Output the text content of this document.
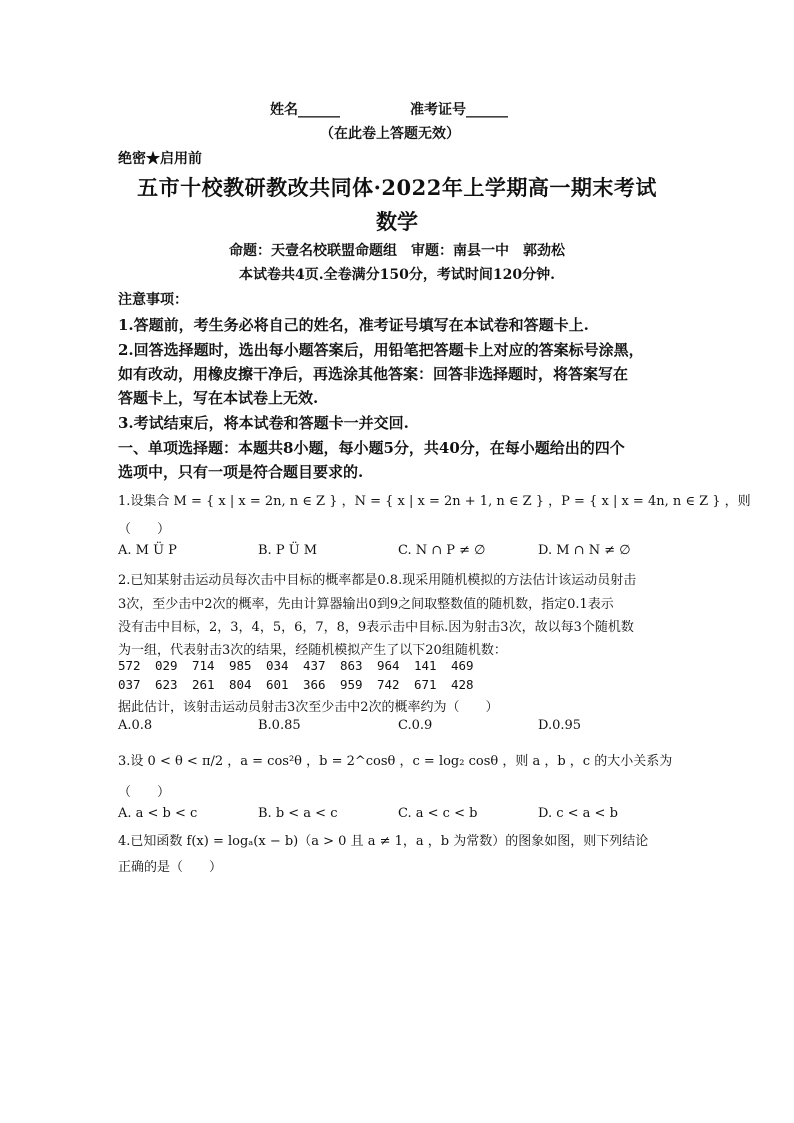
姓名______	准考证号______
（在此卷上答题无效）
绝密★启用前
五市十校教研教改共同体·2022年上学期高一期末考试
数学
命题：天壹名校联盟命题组　审题：南县一中　郭劲松
本试卷共4页.全卷满分150分，考试时间120分钟.
注意事项：
1.答题前，考生务必将自己的姓名，准考证号填写在本试卷和答题卡上.
2.回答选择题时，选出每小题答案后，用铅笔把答题卡上对应的答案标号涂黑，
如有改动，用橡皮擦干净后，再选涂其他答案：回答非选择题时，将答案写在
答题卡上，写在本试卷上无效.
3.考试结束后，将本试卷和答题卡一并交回.
一、单项选择题：本题共8小题，每小题5分，共40分，在每小题给出的四个
选项中，只有一项是符合题目要求的.
1.设集合 M = { x | x = 2n, n ∈ Z } ，N = { x | x = 2n + 1, n ∈ Z } ，P = { x | x = 4n, n ∈ Z } ，则
（　　）
A. M Ü P	B. P Ü M	C. N ∩ P ≠ ∅	D. M ∩ N ≠ ∅
2.已知某射击运动员每次击中目标的概率都是0.8.现采用随机模拟的方法估计该运动员射击
3次，至少击中2次的概率，先由计算器输出0到9之间取整数值的随机数，指定0.1表示
没有击中目标，2，3，4，5，6，7，8，9表示击中目标.因为射击3次，故以每3个随机数
为一组，代表射击3次的结果，经随机模拟产生了以下20组随机数：
572 029 714 985 034 437 863 964 141 469
037 623 261 804 601 366 959 742 671 428
据此估计，该射击运动员射击3次至少击中2次的概率约为（　　）
A.0.8	B.0.85	C.0.9	D.0.95
3.设 0 < θ < π/2 ，a = cos²θ ，b = 2^cosθ ，c = log₂ cosθ ，则 a ，b ，c 的大小关系为
（　　）
A. a < b < c	B. b < a < c	C. a < c < b	D. c < a < b
4.已知函数 f(x) = logₐ(x − b)（a > 0 且 a ≠ 1，a ，b 为常数）的图象如图，则下列结论
正确的是（　　）
